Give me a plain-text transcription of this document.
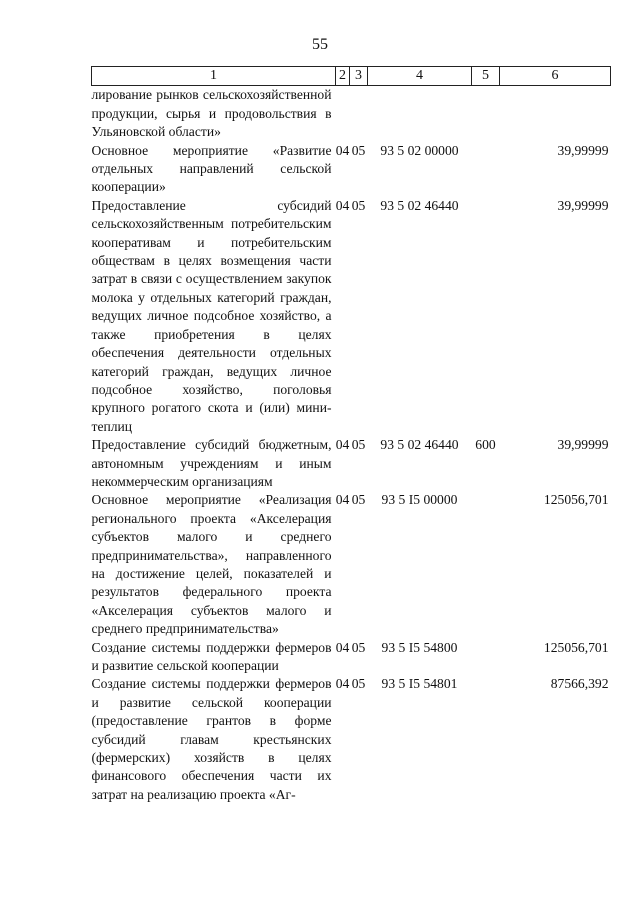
55
1	2	3	4	5	6
лирование рынков сельскохозяйственной продукции, сырья и продовольствия в Ульяновской области»					
Основное мероприятие «Развитие отдельных направлений сельской кооперации»	04	05	93 5 02 00000		39,99999
Предоставление субсидий сельскохозяйственным потребительским кооперативам и потребительским обществам в целях возмещения части затрат в связи с осуществлением закупок молока у отдельных категорий граждан, ведущих личное подсобное хозяйство, а также приобретения в целях обеспечения деятельности отдельных категорий граждан, ведущих личное подсобное хозяйство, поголовья крупного рогатого скота и (или) мини-теплиц	04	05	93 5 02 46440		39,99999
Предоставление субсидий бюджетным, автономным учреждениям и иным некоммерческим организациям	04	05	93 5 02 46440	600	39,99999
Основное мероприятие «Реализация регионального проекта «Акселерация субъектов малого и среднего предпринимательства», направленного на достижение целей, показателей и результатов федерального проекта «Акселерация субъектов малого и среднего предпринимательства»	04	05	93 5 I5 00000		125056,701
Создание системы поддержки фермеров и развитие сельской кооперации	04	05	93 5 I5 54800		125056,701
Создание системы поддержки фермеров и развитие сельской кооперации (предоставление грантов в форме субсидий главам крестьянских (фермерских) хозяйств в целях финансового обеспечения части их затрат на реализацию проекта «Аг-	04	05	93 5 I5 54801		87566,392
